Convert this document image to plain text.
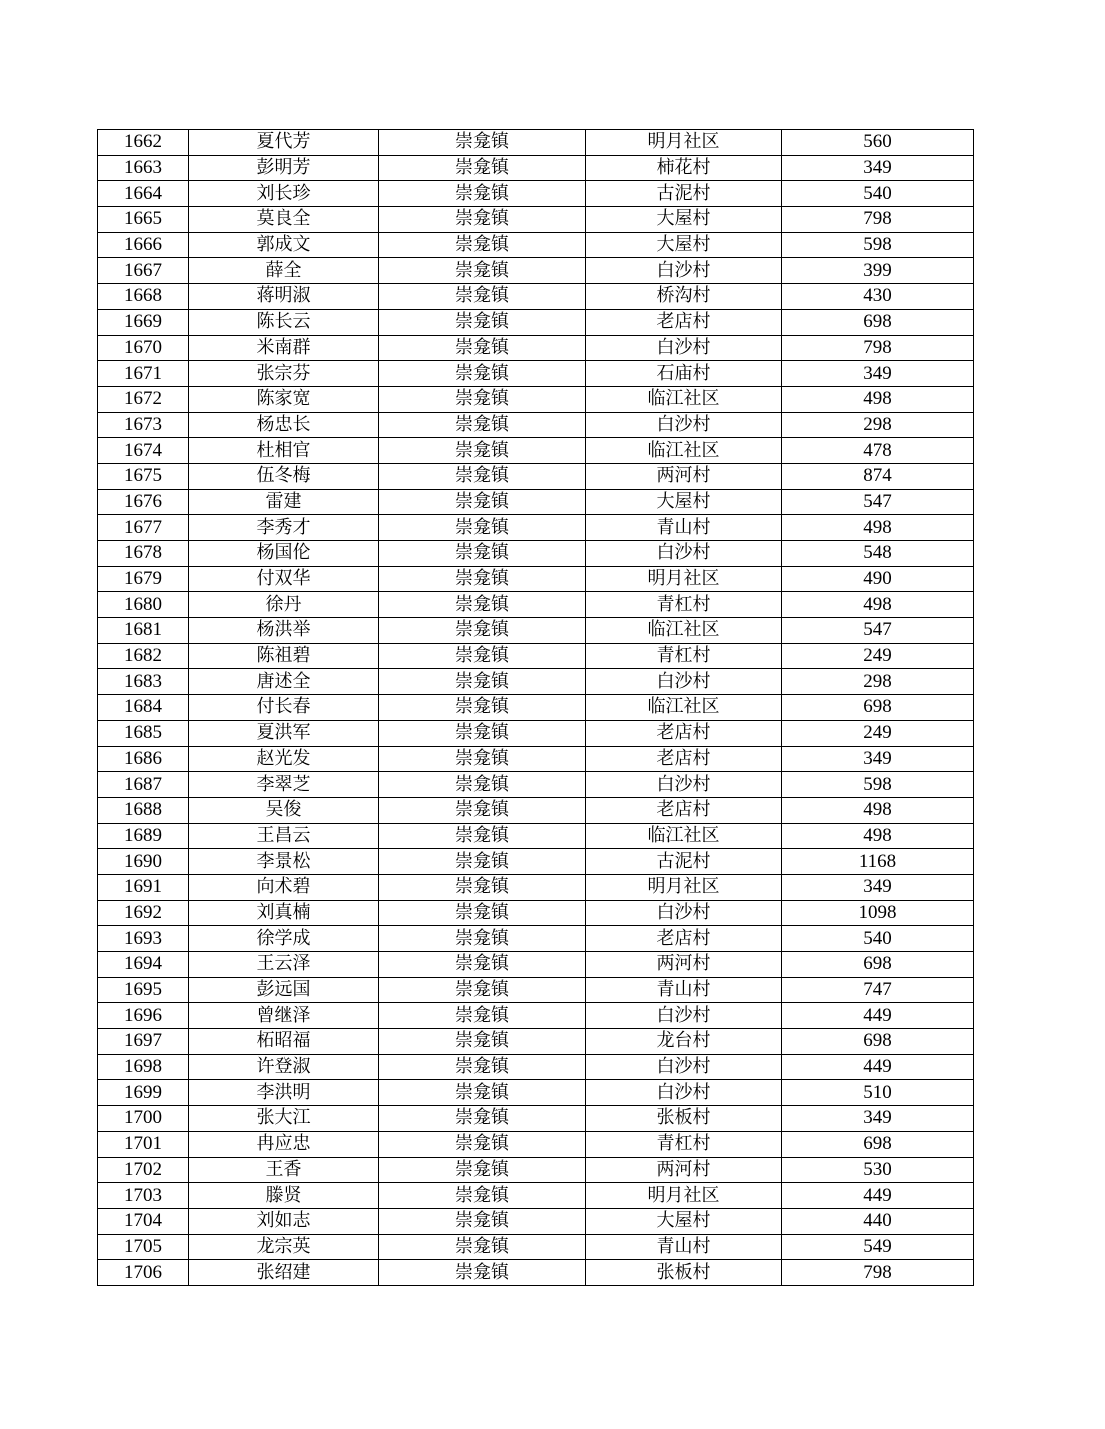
1662	夏代芳	崇龛镇	明月社区	560
1663	彭明芳	崇龛镇	柿花村	349
1664	刘长珍	崇龛镇	古泥村	540
1665	莫良全	崇龛镇	大屋村	798
1666	郭成文	崇龛镇	大屋村	598
1667	薛全	崇龛镇	白沙村	399
1668	蒋明淑	崇龛镇	桥沟村	430
1669	陈长云	崇龛镇	老店村	698
1670	米南群	崇龛镇	白沙村	798
1671	张宗芬	崇龛镇	石庙村	349
1672	陈家宽	崇龛镇	临江社区	498
1673	杨忠长	崇龛镇	白沙村	298
1674	杜相官	崇龛镇	临江社区	478
1675	伍冬梅	崇龛镇	两河村	874
1676	雷建	崇龛镇	大屋村	547
1677	李秀才	崇龛镇	青山村	498
1678	杨国伦	崇龛镇	白沙村	548
1679	付双华	崇龛镇	明月社区	490
1680	徐丹	崇龛镇	青杠村	498
1681	杨洪举	崇龛镇	临江社区	547
1682	陈祖碧	崇龛镇	青杠村	249
1683	唐述全	崇龛镇	白沙村	298
1684	付长春	崇龛镇	临江社区	698
1685	夏洪军	崇龛镇	老店村	249
1686	赵光发	崇龛镇	老店村	349
1687	李翠芝	崇龛镇	白沙村	598
1688	吴俊	崇龛镇	老店村	498
1689	王昌云	崇龛镇	临江社区	498
1690	李景松	崇龛镇	古泥村	1168
1691	向术碧	崇龛镇	明月社区	349
1692	刘真楠	崇龛镇	白沙村	1098
1693	徐学成	崇龛镇	老店村	540
1694	王云泽	崇龛镇	两河村	698
1695	彭远国	崇龛镇	青山村	747
1696	曾继泽	崇龛镇	白沙村	449
1697	柘昭福	崇龛镇	龙台村	698
1698	许登淑	崇龛镇	白沙村	449
1699	李洪明	崇龛镇	白沙村	510
1700	张大江	崇龛镇	张板村	349
1701	冉应忠	崇龛镇	青杠村	698
1702	王香	崇龛镇	两河村	530
1703	滕贤	崇龛镇	明月社区	449
1704	刘如志	崇龛镇	大屋村	440
1705	龙宗英	崇龛镇	青山村	549
1706	张绍建	崇龛镇	张板村	798
